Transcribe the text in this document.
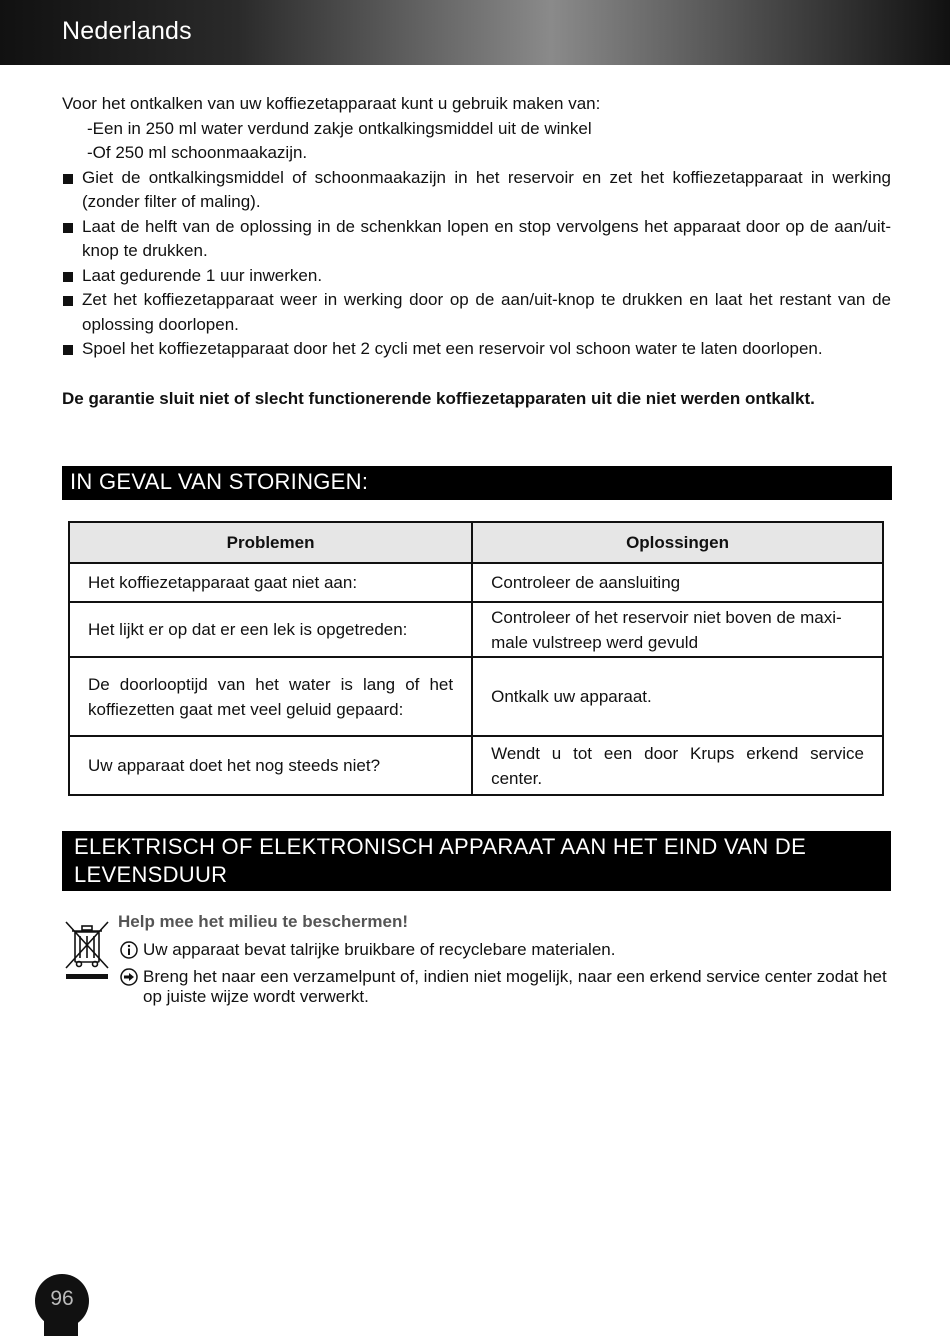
Nederlands

Voor het ontkalken van uw koffiezetapparaat kunt u gebruik maken van:

-Een in 250 ml water verdund zakje ontkalkingsmiddel uit de winkel

-Of 250 ml schoonmaakazijn.

Giet de ontkalkingsmiddel of schoonmaakazijn in het reservoir en zet het koffiezetapparaat in werking (zonder filter of maling).
Laat de helft van de oplossing in de schenkkan lopen en stop vervolgens het apparaat door op de aan/uit-knop te drukken.
Laat gedurende 1 uur inwerken.
Zet het koffiezetapparaat weer in werking door op de aan/uit-knop te drukken en laat het restant van de oplossing doorlopen.
Spoel het koffiezetapparaat door het 2 cycli met een reservoir vol schoon water te laten doorlopen.

De garantie sluit niet of slecht functionerende koffiezetapparaten uit die niet werden ontkalkt.

IN GEVAL VAN STORINGEN:
Problemen	Oplossingen
Het koffiezetapparaat gaat niet aan:	Controleer de aansluiting
Het lijkt er op dat er een lek is opgetreden:	Controleer of het reservoir niet boven de maxi-male vulstreep werd gevuld
De doorlooptijd van het water is lang of het koffiezetten gaat met veel geluid gepaard:	Ontkalk uw apparaat.
Uw apparaat doet het nog steeds niet?	Wendt u tot een door Krups erkend service center.
ELEKTRISCH OF ELEKTRONISCH APPARAAT AAN HET EIND VAN DE LEVENSDUUR
Help mee het milieu te beschermen!
Uw apparaat bevat talrijke bruikbare of recyclebare materialen.
Breng het naar een verzamelpunt of, indien niet mogelijk, naar een erkend service center zodat het op juiste wijze wordt verwerkt.
96
